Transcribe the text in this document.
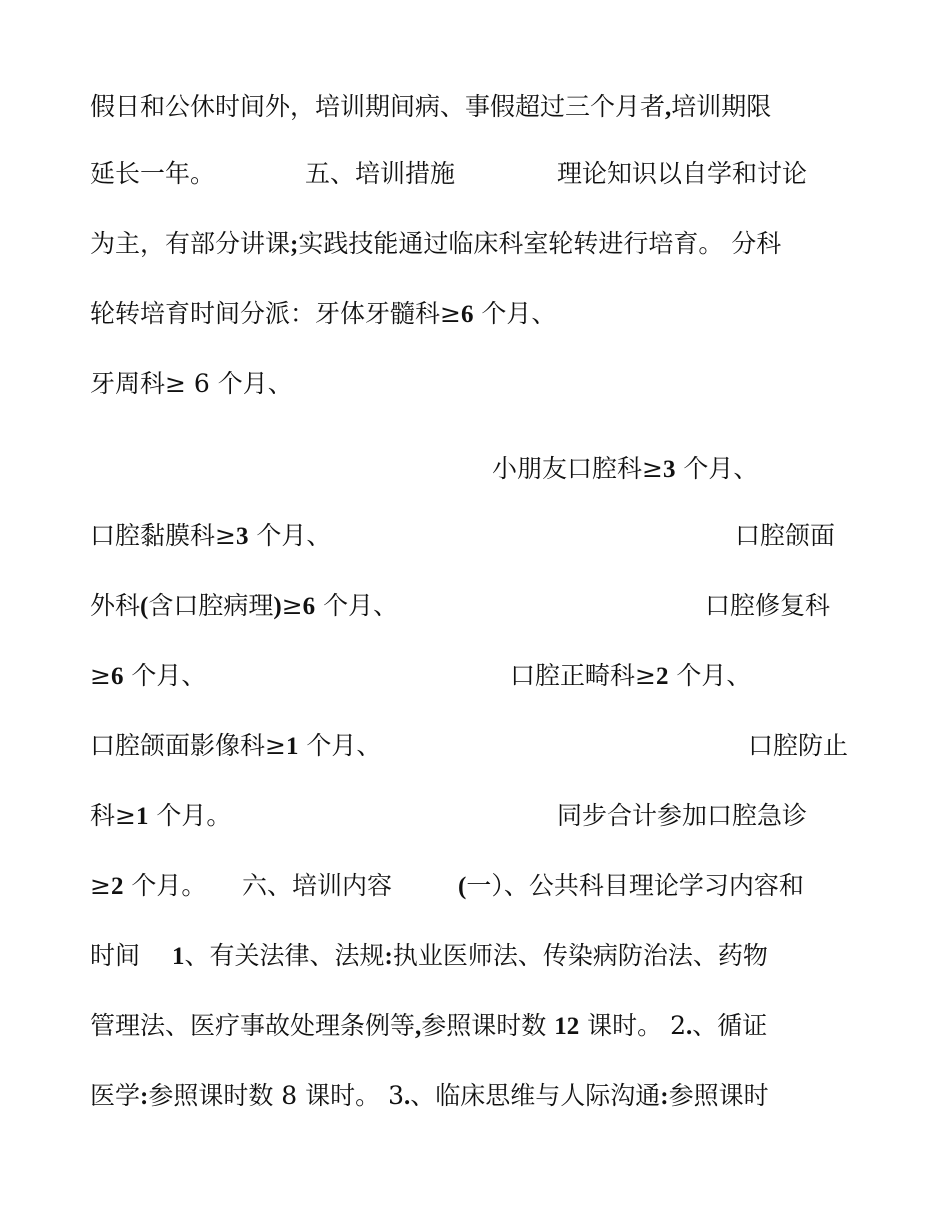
假日和公休时间外，培训期间病、事假超过三个月者,培训期限
延长一年。	五、培训措施	理论知识以自学和讨论
为主，有部分讲课;实践技能通过临床科室轮转进行培育。 分科
轮转培育时间分派：牙体牙髓科≥6 个月、
牙周科≥ 6 个月、
小朋友口腔科≥3 个月、
口腔黏膜科≥3 个月、	口腔颌面
外科(含口腔病理)≥6 个月、	口腔修复科
≥6 个月、	口腔正畸科≥2 个月、
口腔颌面影像科≥1 个月、	口腔防止
科≥1 个月。	同步合计参加口腔急诊
≥2 个月。 六、培训内容	(一）、公共科目理论学习内容和
时间 1、有关法律、法规:执业医师法、传染病防治法、药物
管理法、医疗事故处理条例等,参照课时数 12 课时。 2.、循证
医学:参照课时数 8 课时。 3.、临床思维与人际沟通:参照课时
